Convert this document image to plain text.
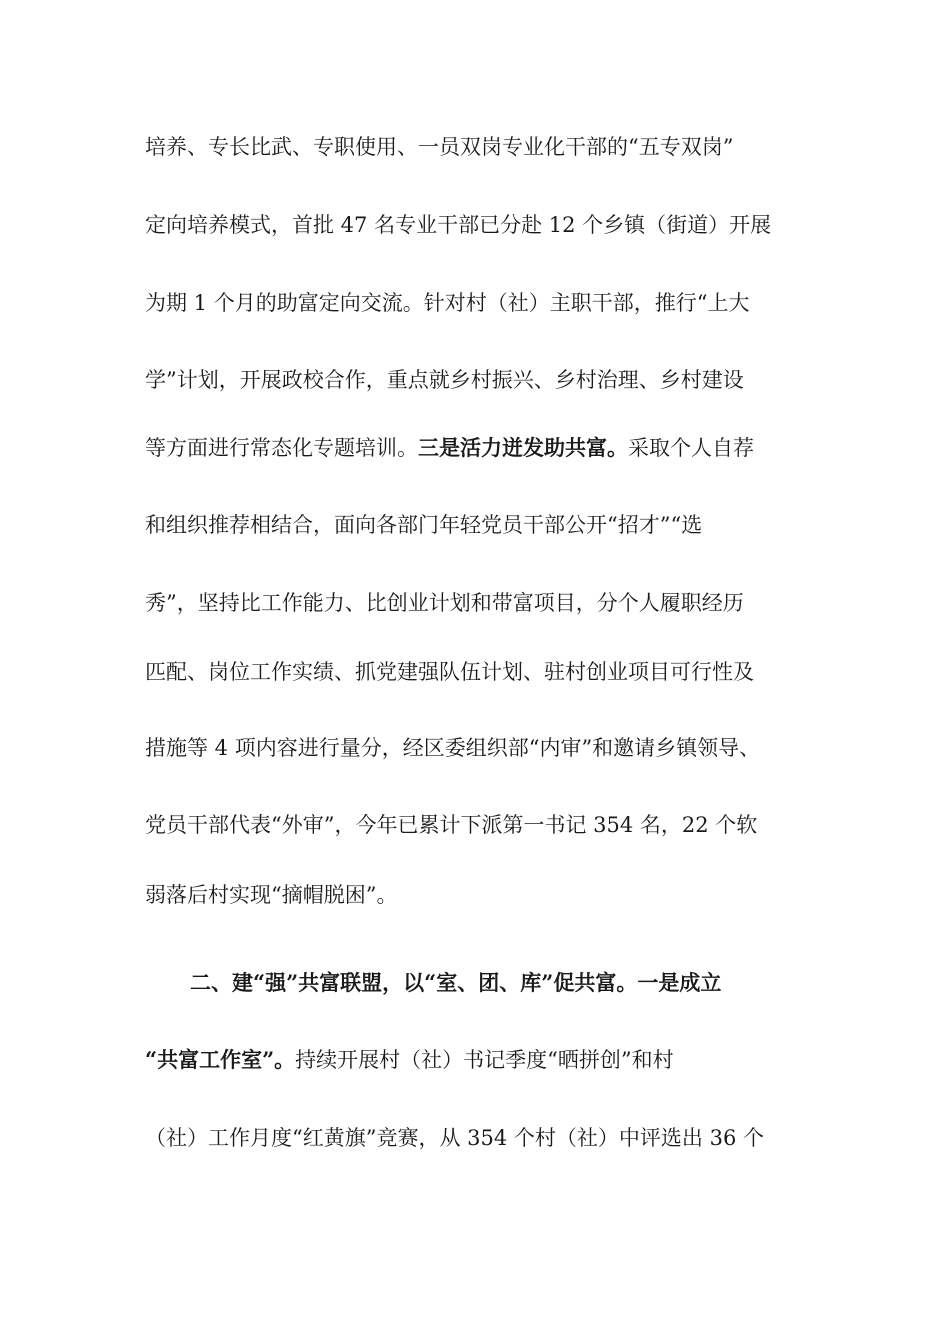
培养、专长比武、专职使用、一员双岗专业化干部的“五专双岗”
定向培养模式，首批 47 名专业干部已分赴 12 个乡镇（街道）开展
为期 1 个月的助富定向交流。针对村（社）主职干部，推行“上大
学”计划，开展政校合作，重点就乡村振兴、乡村治理、乡村建设
等方面进行常态化专题培训。三是活力迸发助共富。采取个人自荐
和组织推荐相结合，面向各部门年轻党员干部公开“招才”“选
秀”，坚持比工作能力、比创业计划和带富项目，分个人履职经历
匹配、岗位工作实绩、抓党建强队伍计划、驻村创业项目可行性及
措施等 4 项内容进行量分，经区委组织部“内审”和邀请乡镇领导、
党员干部代表“外审”，今年已累计下派第一书记 354 名，22 个软
弱落后村实现“摘帽脱困”。
二、建“强”共富联盟，以“室、团、库”促共富。一是成立
“共富工作室”。持续开展村（社）书记季度“晒拼创”和村
（社）工作月度“红黄旗”竞赛，从 354 个村（社）中评选出 36 个
